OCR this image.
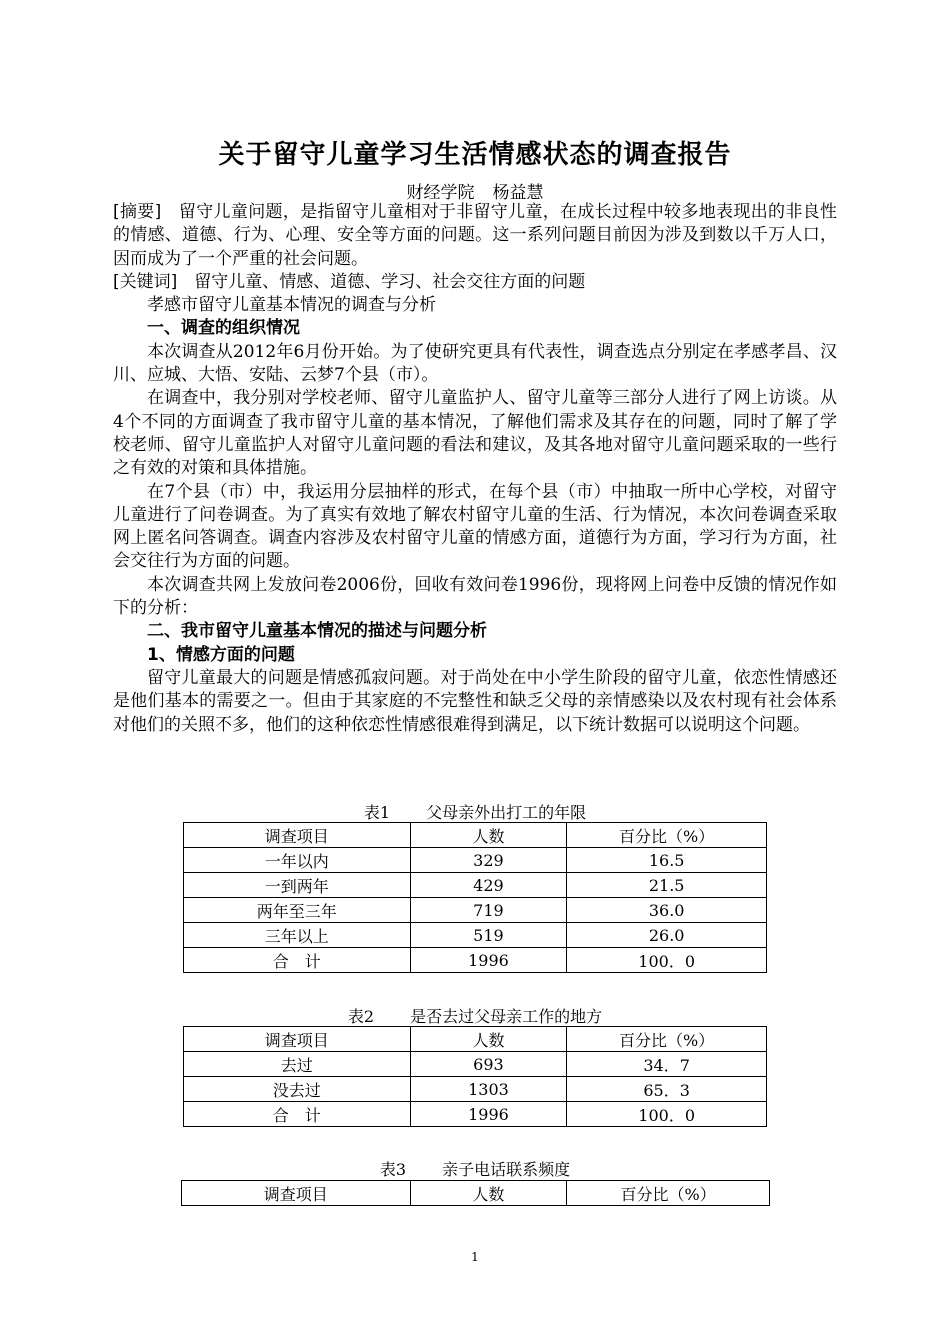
关于留守儿童学习生活情感状态的调查报告
财经学院 杨益慧

[摘要]　 留守儿童问题，是指留守儿童相对于非留守儿童，在成长过程中较多地表现出的非良性的情感、道德、行为、心理、安全等方面的问题。这一系列问题目前因为涉及到数以千万人口，因而成为了一个严重的社会问题。

[关键词]　 留守儿童、情感、道德、学习、社会交往方面的问题

孝感市留守儿童基本情况的调查与分析

一、调查的组织情况

本次调查从2012年6月份开始。为了使研究更具有代表性，调查选点分别定在孝感孝昌、汉川、应城、大悟、安陆、云梦7个县（市）。

在调查中，我分别对学校老师、留守儿童监护人、留守儿童等三部分人进行了网上访谈。从4个不同的方面调查了我市留守儿童的基本情况，了解他们需求及其存在的问题，同时了解了学校老师、留守儿童监护人对留守儿童问题的看法和建议，及其各地对留守儿童问题采取的一些行之有效的对策和具体措施。

在7个县（市）中，我运用分层抽样的形式，在每个县（市）中抽取一所中心学校，对留守儿童进行了问卷调查。为了真实有效地了解农村留守儿童的生活、行为情况，本次问卷调查采取网上匿名问答调查。调查内容涉及农村留守儿童的情感方面，道德行为方面，学习行为方面，社会交往行为方面的问题。

本次调查共网上发放问卷2006份，回收有效问卷1996份，现将网上问卷中反馈的情况作如下的分析：

二、我市留守儿童基本情况的描述与问题分析

1、情感方面的问题

留守儿童最大的问题是情感孤寂问题。对于尚处在中小学生阶段的留守儿童，依恋性情感还是他们基本的需要之一。但由于其家庭的不完整性和缺乏父母的亲情感染以及农村现有社会体系对他们的关照不多，他们的这种依恋性情感很难得到满足，以下统计数据可以说明这个问题。

表1 父母亲外出打工的年限
调查项目	人数	百分比（%）
一年以内	329	16.5
一到两年	429	21.5
两年至三年	719	36.0
三年以上	519	26.0
合　计	1996	100．0
表2 是否去过父母亲工作的地方
调查项目	人数	百分比（%）
去过	693	34．7
没去过	1303	65．3
合　计	1996	100．0
表3 亲子电话联系频度
调查项目	人数	百分比（%）
1
